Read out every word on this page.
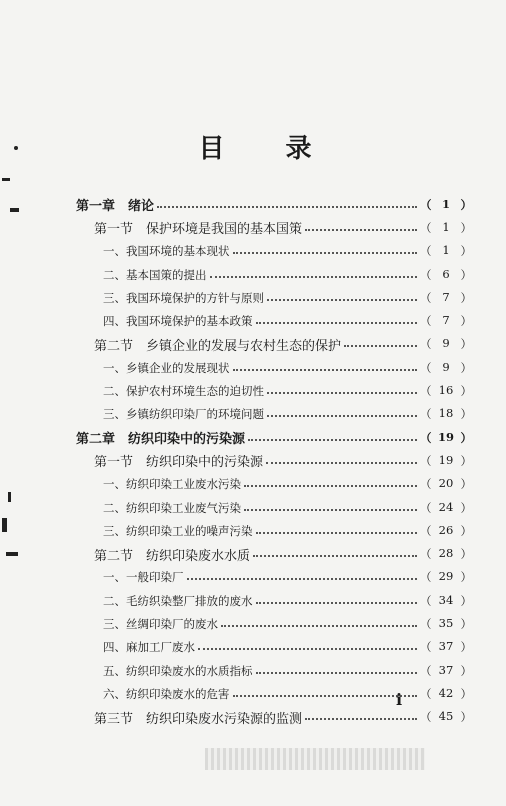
目 录
第一章　绪论	（ 1 ）
第一节　保护环境是我国的基本国策	（ 1 ）
一、我国环境的基本现状	（ 1 ）
二、基本国策的提出	（ 6 ）
三、我国环境保护的方针与原则	（ 7 ）
四、我国环境保护的基本政策	（ 7 ）
第二节　乡镇企业的发展与农村生态的保护	（ 9 ）
一、乡镇企业的发展现状	（ 9 ）
二、保护农村环境生态的迫切性	（ 16 ）
三、乡镇纺织印染厂的环境问题	（ 18 ）
第二章　纺织印染中的污染源	（ 19 ）
第一节　纺织印染中的污染源	（ 19 ）
一、纺织印染工业废水污染	（ 20 ）
二、纺织印染工业废气污染	（ 24 ）
三、纺织印染工业的噪声污染	（ 26 ）
第二节　纺织印染废水水质	（ 28 ）
一、一般印染厂	（ 29 ）
二、毛纺织染整厂排放的废水	（ 34 ）
三、丝绸印染厂的废水	（ 35 ）
四、麻加工厂废水	（ 37 ）
五、纺织印染废水的水质指标	（ 37 ）
六、纺织印染废水的危害	（ 42 ）
第三节　纺织印染废水污染源的监测	（ 45 ）
i
